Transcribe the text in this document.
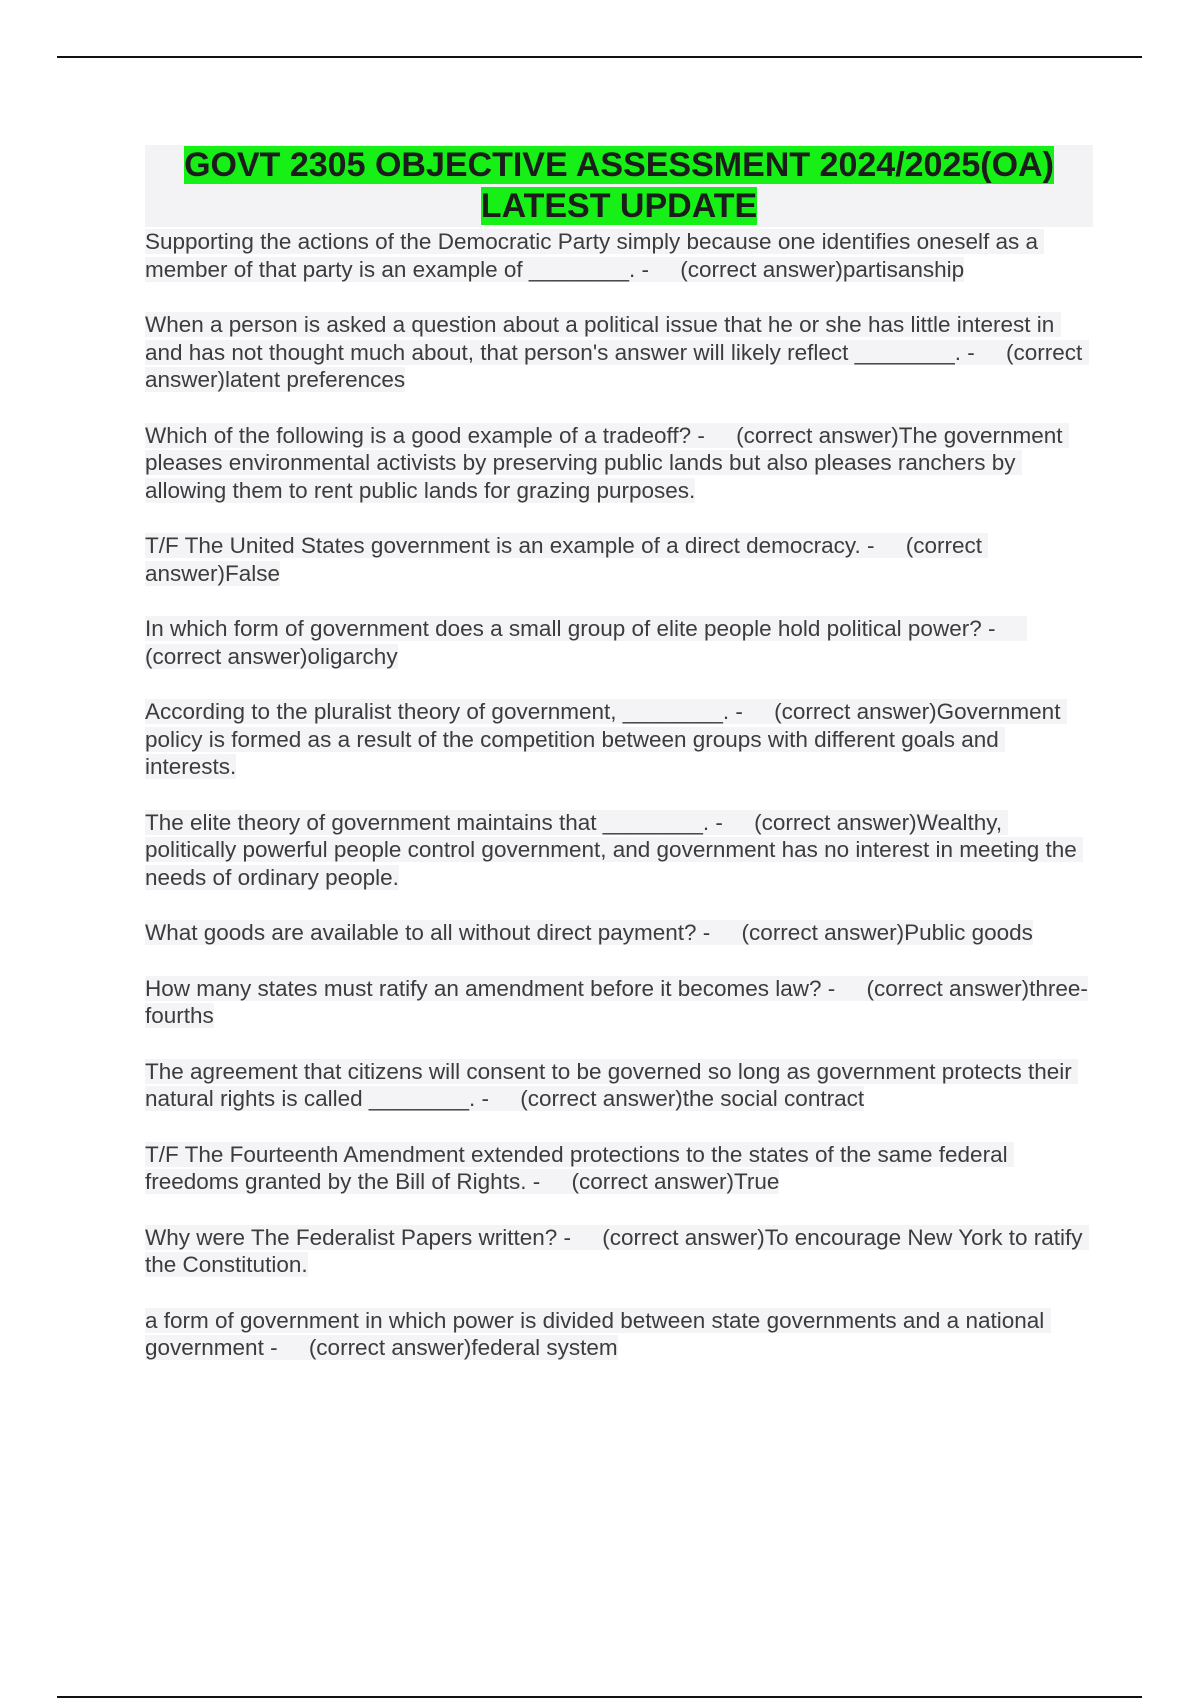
GOVT 2305 OBJECTIVE ASSESSMENT 2024/2025(OA)
LATEST UPDATE

Supporting the actions of the Democratic Party simply because one identifies oneself as a member of that party is an example of ________. -     (correct answer)partisanship

When a person is asked a question about a political issue that he or she has little interest in and has not thought much about, that person's answer will likely reflect ________. -     (correct answer)latent preferences

Which of the following is a good example of a tradeoff? -     (correct answer)The government pleases environmental activists by preserving public lands but also pleases ranchers by allowing them to rent public lands for grazing purposes.

T/F The United States government is an example of a direct democracy. -     (correct answer)False

In which form of government does a small group of elite people hold political power? -     (correct answer)oligarchy

According to the pluralist theory of government, ________. -     (correct answer)Government policy is formed as a result of the competition between groups with different goals and interests.

The elite theory of government maintains that ________. -     (correct answer)Wealthy, politically powerful people control government, and government has no interest in meeting the needs of ordinary people.

What goods are available to all without direct payment? -     (correct answer)Public goods

How many states must ratify an amendment before it becomes law? -     (correct answer)three-fourths

The agreement that citizens will consent to be governed so long as government protects their natural rights is called ________. -     (correct answer)the social contract

T/F The Fourteenth Amendment extended protections to the states of the same federal freedoms granted by the Bill of Rights. -     (correct answer)True

Why were The Federalist Papers written? -     (correct answer)To encourage New York to ratify the Constitution.

a form of government in which power is divided between state governments and a national government -     (correct answer)federal system
